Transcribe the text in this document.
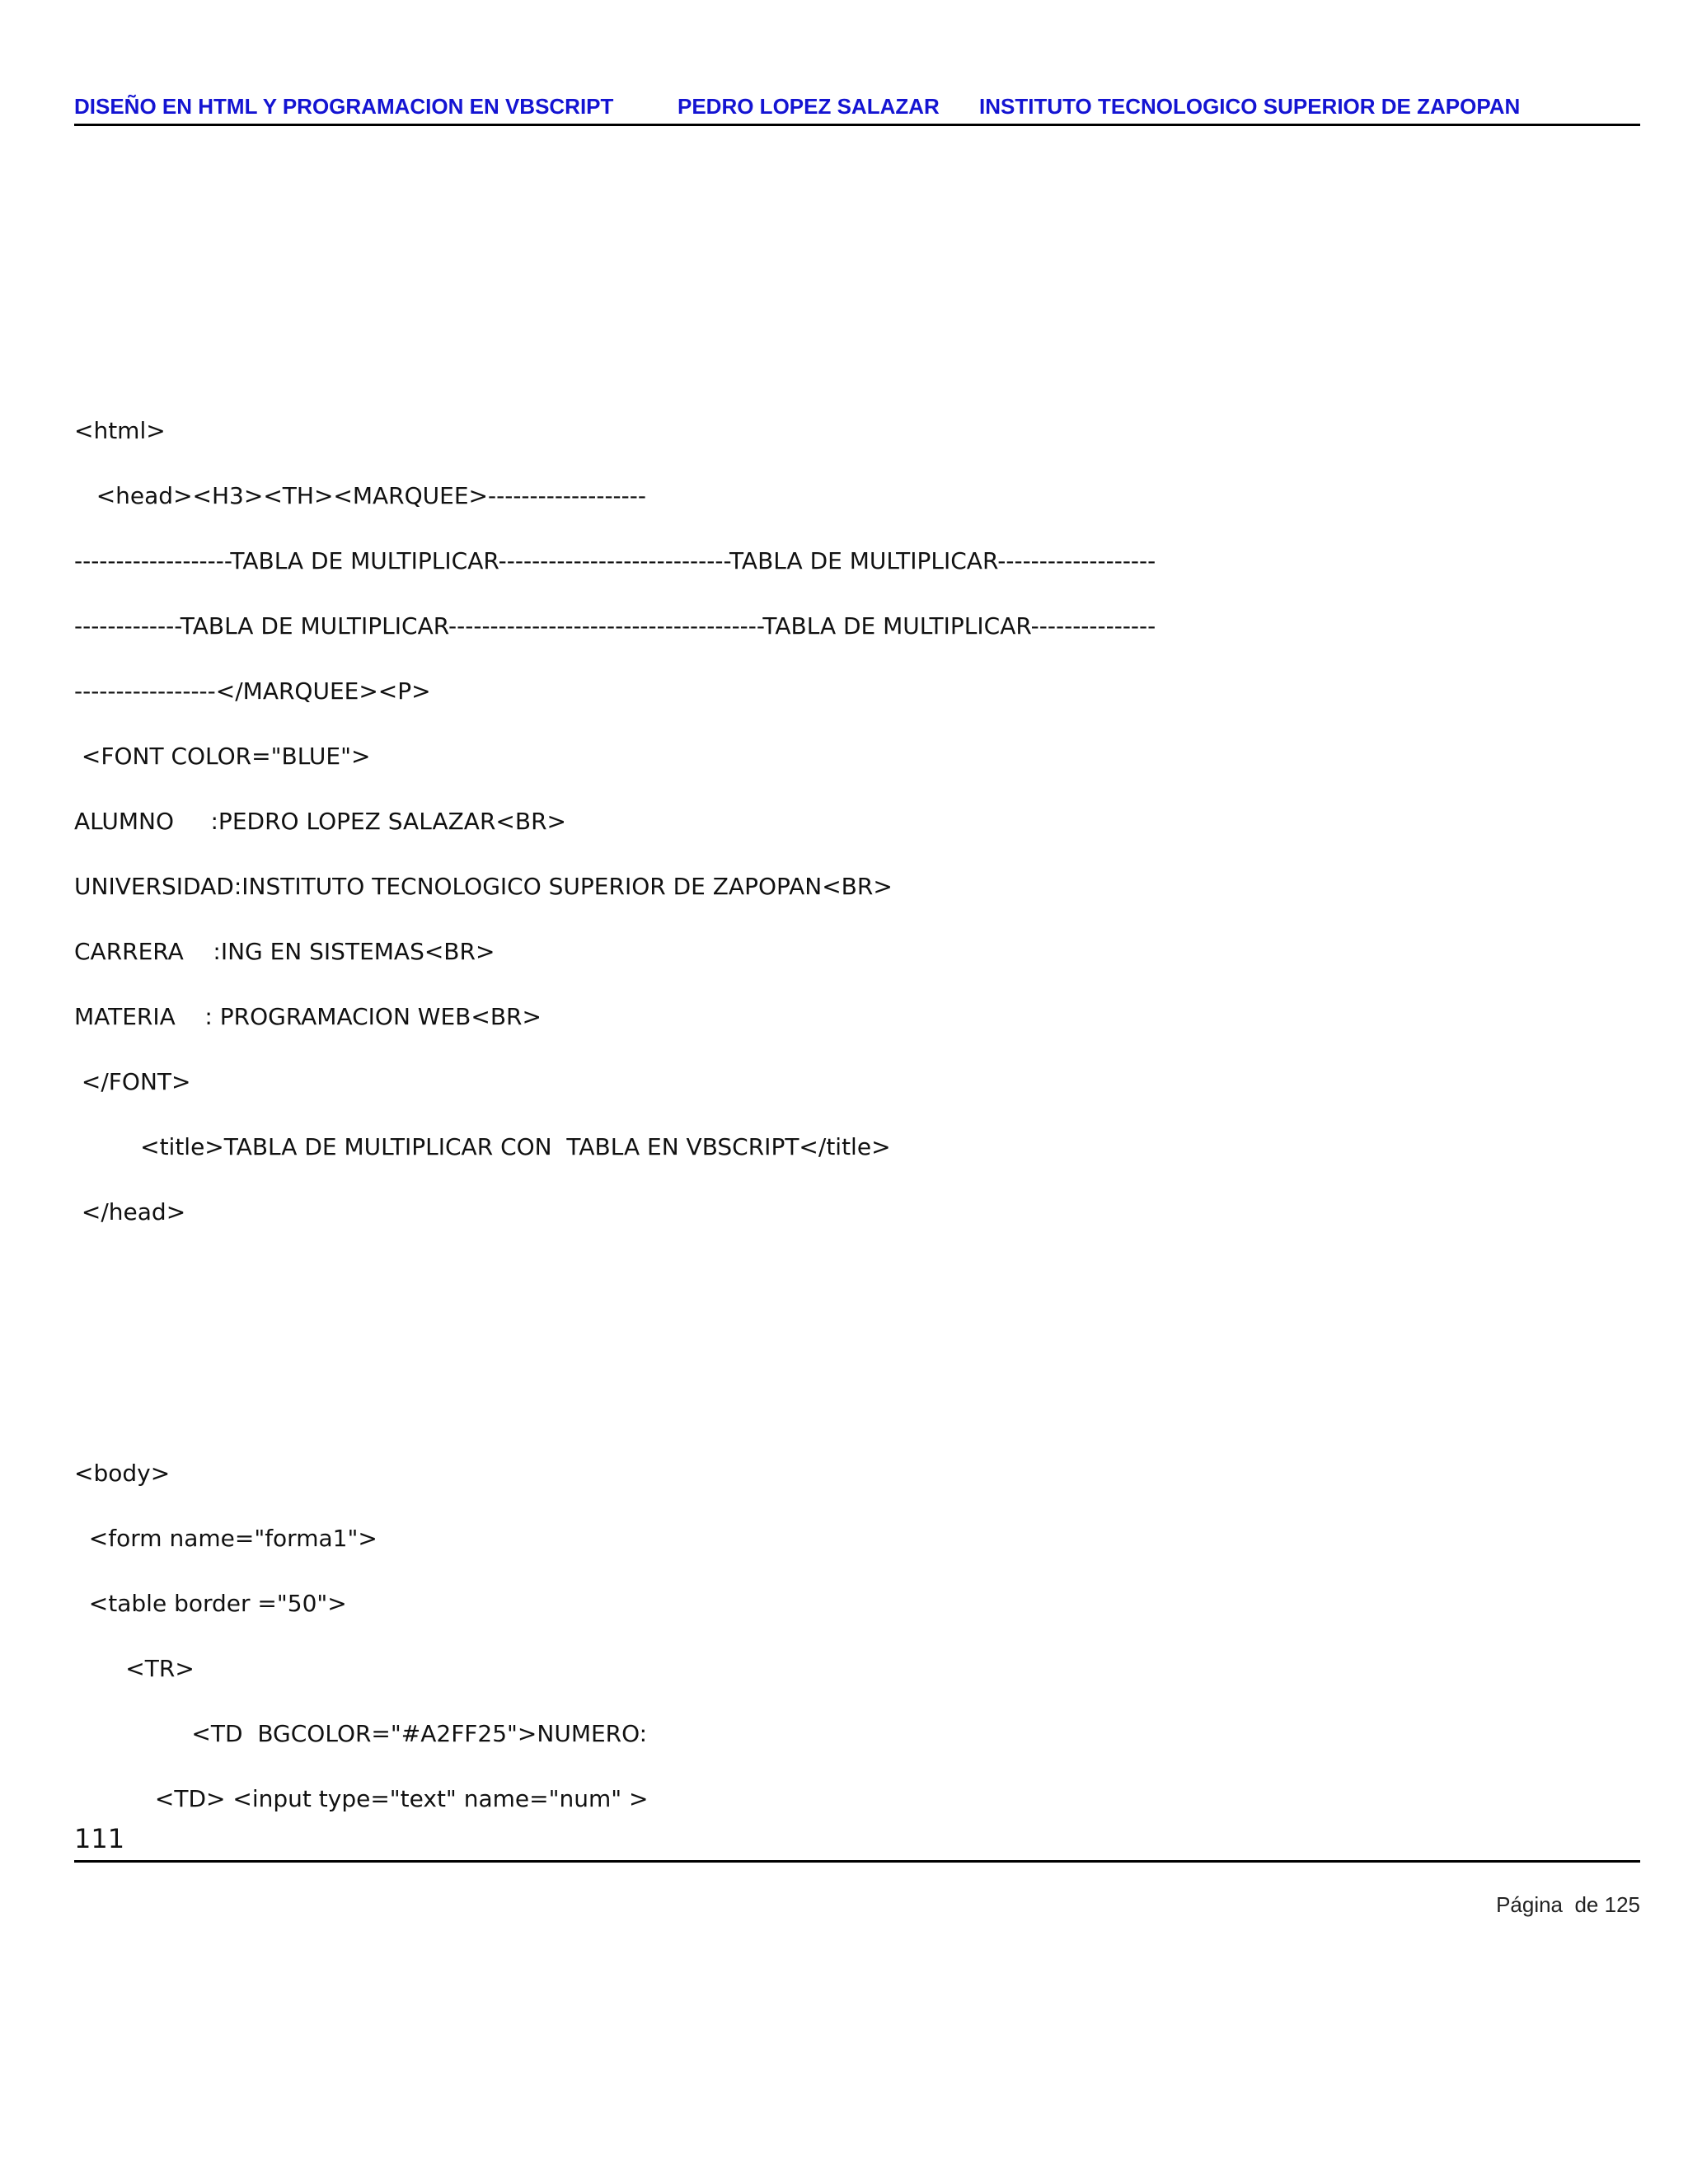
DISEÑO EN HTML Y PROGRAMACION EN VBSCRIPT	PEDRO LOPEZ SALAZAR INSTITUTO TECNOLOGICO SUPERIOR DE ZAPOPAN
<html>
<head><H3><TH><MARQUEE>-------------------
-------------------TABLA DE MULTIPLICAR----------------------------TABLA DE MULTIPLICAR-------------------
-------------TABLA DE MULTIPLICAR--------------------------------------TABLA DE MULTIPLICAR---------------
-----------------</MARQUEE><P>
<FONT COLOR="BLUE">
ALUMNO     :PEDRO LOPEZ SALAZAR<BR>
UNIVERSIDAD:INSTITUTO TECNOLOGICO SUPERIOR DE ZAPOPAN<BR>
CARRERA    :ING EN SISTEMAS<BR>
MATERIA    : PROGRAMACION WEB<BR>
</FONT>
<title>TABLA DE MULTIPLICAR CON  TABLA EN VBSCRIPT</title>
</head>
<body>
<form name="forma1">
<table border ="50">
<TR>
<TD  BGCOLOR="#A2FF25">NUMERO:
<TD> <input type="text" name="num" >
111
Página  de 125
